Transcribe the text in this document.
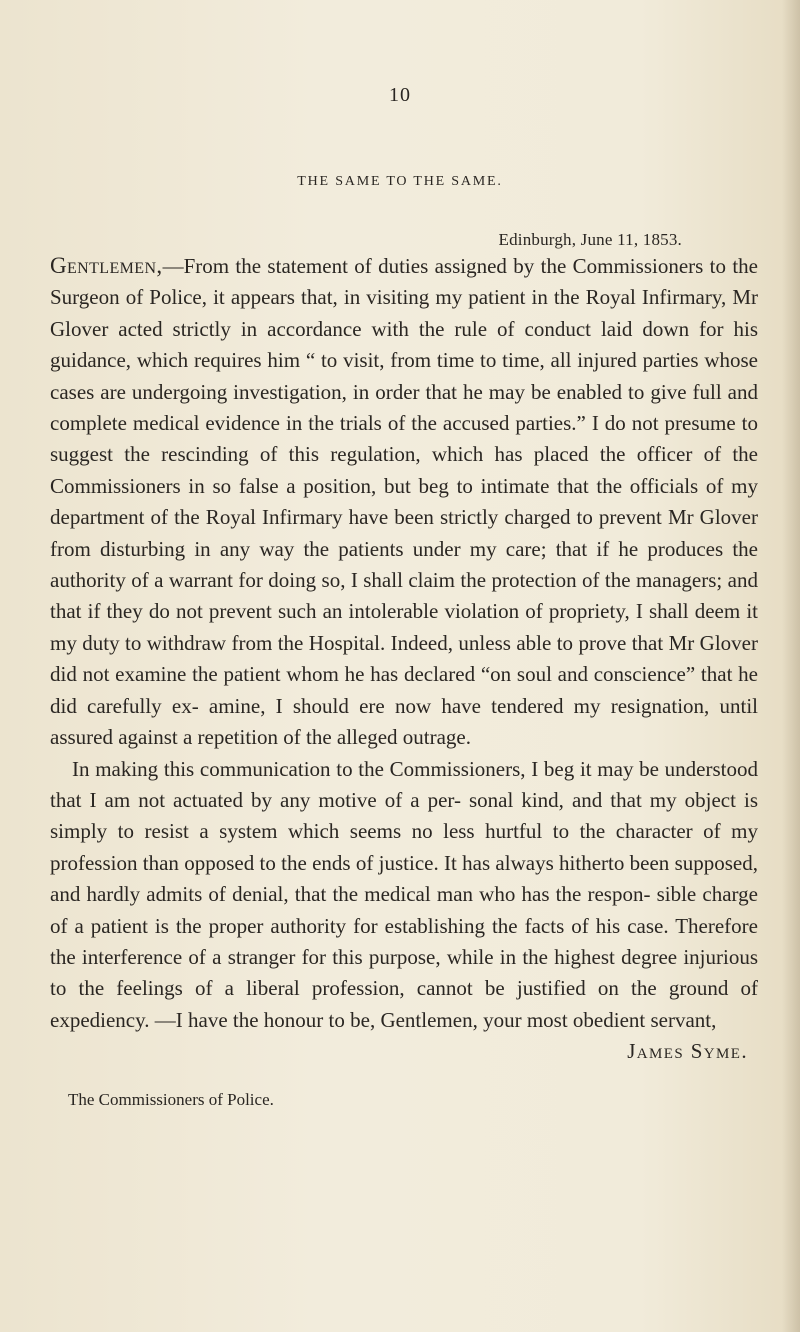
10
THE SAME TO THE SAME.
Edinburgh, June 11, 1853.

Gentlemen,—From the statement of duties assigned by the Commissioners to the Surgeon of Police, it appears that, in visiting my patient in the Royal Infirmary, Mr Glover acted strictly in accordance with the rule of conduct laid down for his guidance, which requires him “ to visit, from time to time, all injured parties whose cases are undergoing investigation, in order that he may be enabled to give full and complete medical evidence in the trials of the accused parties.” I do not presume to suggest the rescinding of this regulation, which has placed the officer of the Commissioners in so false a position, but beg to intimate that the officials of my department of the Royal Infirmary have been strictly charged to prevent Mr Glover from disturbing in any way the patients under my care; that if he produces the authority of a warrant for doing so, I shall claim the protection of the managers; and that if they do not prevent such an intolerable violation of propriety, I shall deem it my duty to withdraw from the Hospital. Indeed, unless able to prove that Mr Glover did not examine the patient whom he has declared “on soul and conscience” that he did carefully ex- amine, I should ere now have tendered my resignation, until assured against a repetition of the alleged outrage.

In making this communication to the Commissioners, I beg it may be understood that I am not actuated by any motive of a per- sonal kind, and that my object is simply to resist a system which seems no less hurtful to the character of my profession than opposed to the ends of justice. It has always hitherto been supposed, and hardly admits of denial, that the medical man who has the respon- sible charge of a patient is the proper authority for establishing the facts of his case. Therefore the interference of a stranger for this purpose, while in the highest degree injurious to the feelings of a liberal profession, cannot be justified on the ground of expediency. —I have the honour to be, Gentlemen, your most obedient servant,

James Syme.
The Commissioners of Police.
